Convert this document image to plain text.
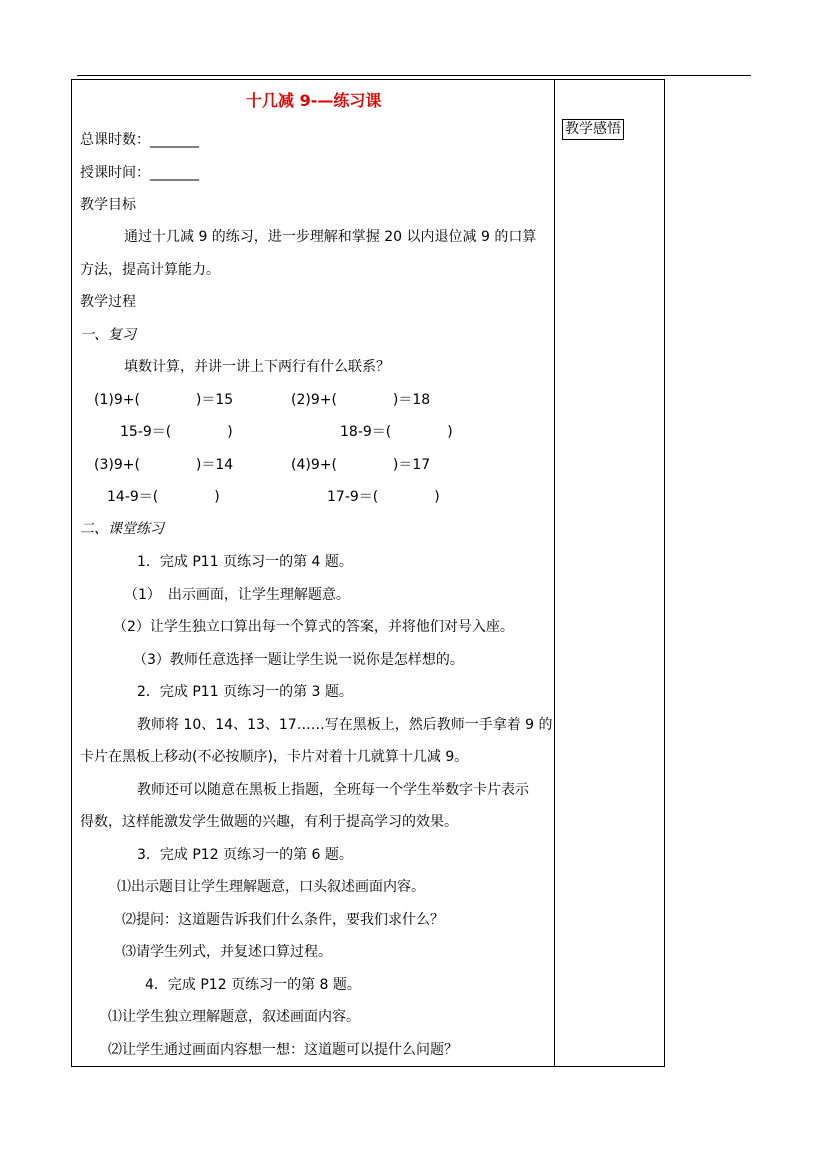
教学感悟
十几减 9-—练习课
总课时数：_______
授课时间：_______
教学目标
通过十几减 9 的练习，进一步理解和掌握 20 以内退位减 9 的口算
方法，提高计算能力。
教学过程
一、复习
填数计算，并讲一讲上下两行有什么联系？
(1)9+(　　　　)＝15	(2)9+(　　　　)＝18
15-9＝(　　　　)	18-9＝(　　　　)
(3)9+(　　　　)＝14	(4)9+(　　　　)＝17
14-9＝(　　　　)	17-9＝(　　　　)
二、课堂练习
1．完成 P11 页练习一的第 4 题。
（1）　出示画面，让学生理解题意。
（2）让学生独立口算出每一个算式的答案，并将他们对号入座。
（3）教师任意选择一题让学生说一说你是怎样想的。
2．完成 P11 页练习一的第 3 题。
教师将 10、14、13、17……写在黑板上，然后教师一手拿着 9 的
卡片在黑板上移动(不必按顺序)，卡片对着十几就算十几减 9。
教师还可以随意在黑板上指题，全班每一个学生举数字卡片表示
得数，这样能激发学生做题的兴趣，有利于提高学习的效果。
3．完成 P12 页练习一的第 6 题。
⑴出示题目让学生理解题意，口头叙述画面内容。
⑵提问：这道题告诉我们什么条件，要我们求什么？
⑶请学生列式，并复述口算过程。
4．完成 P12 页练习一的第 8 题。
⑴让学生独立理解题意，叙述画面内容。
⑵让学生通过画面内容想一想：这道题可以提什么问题？
